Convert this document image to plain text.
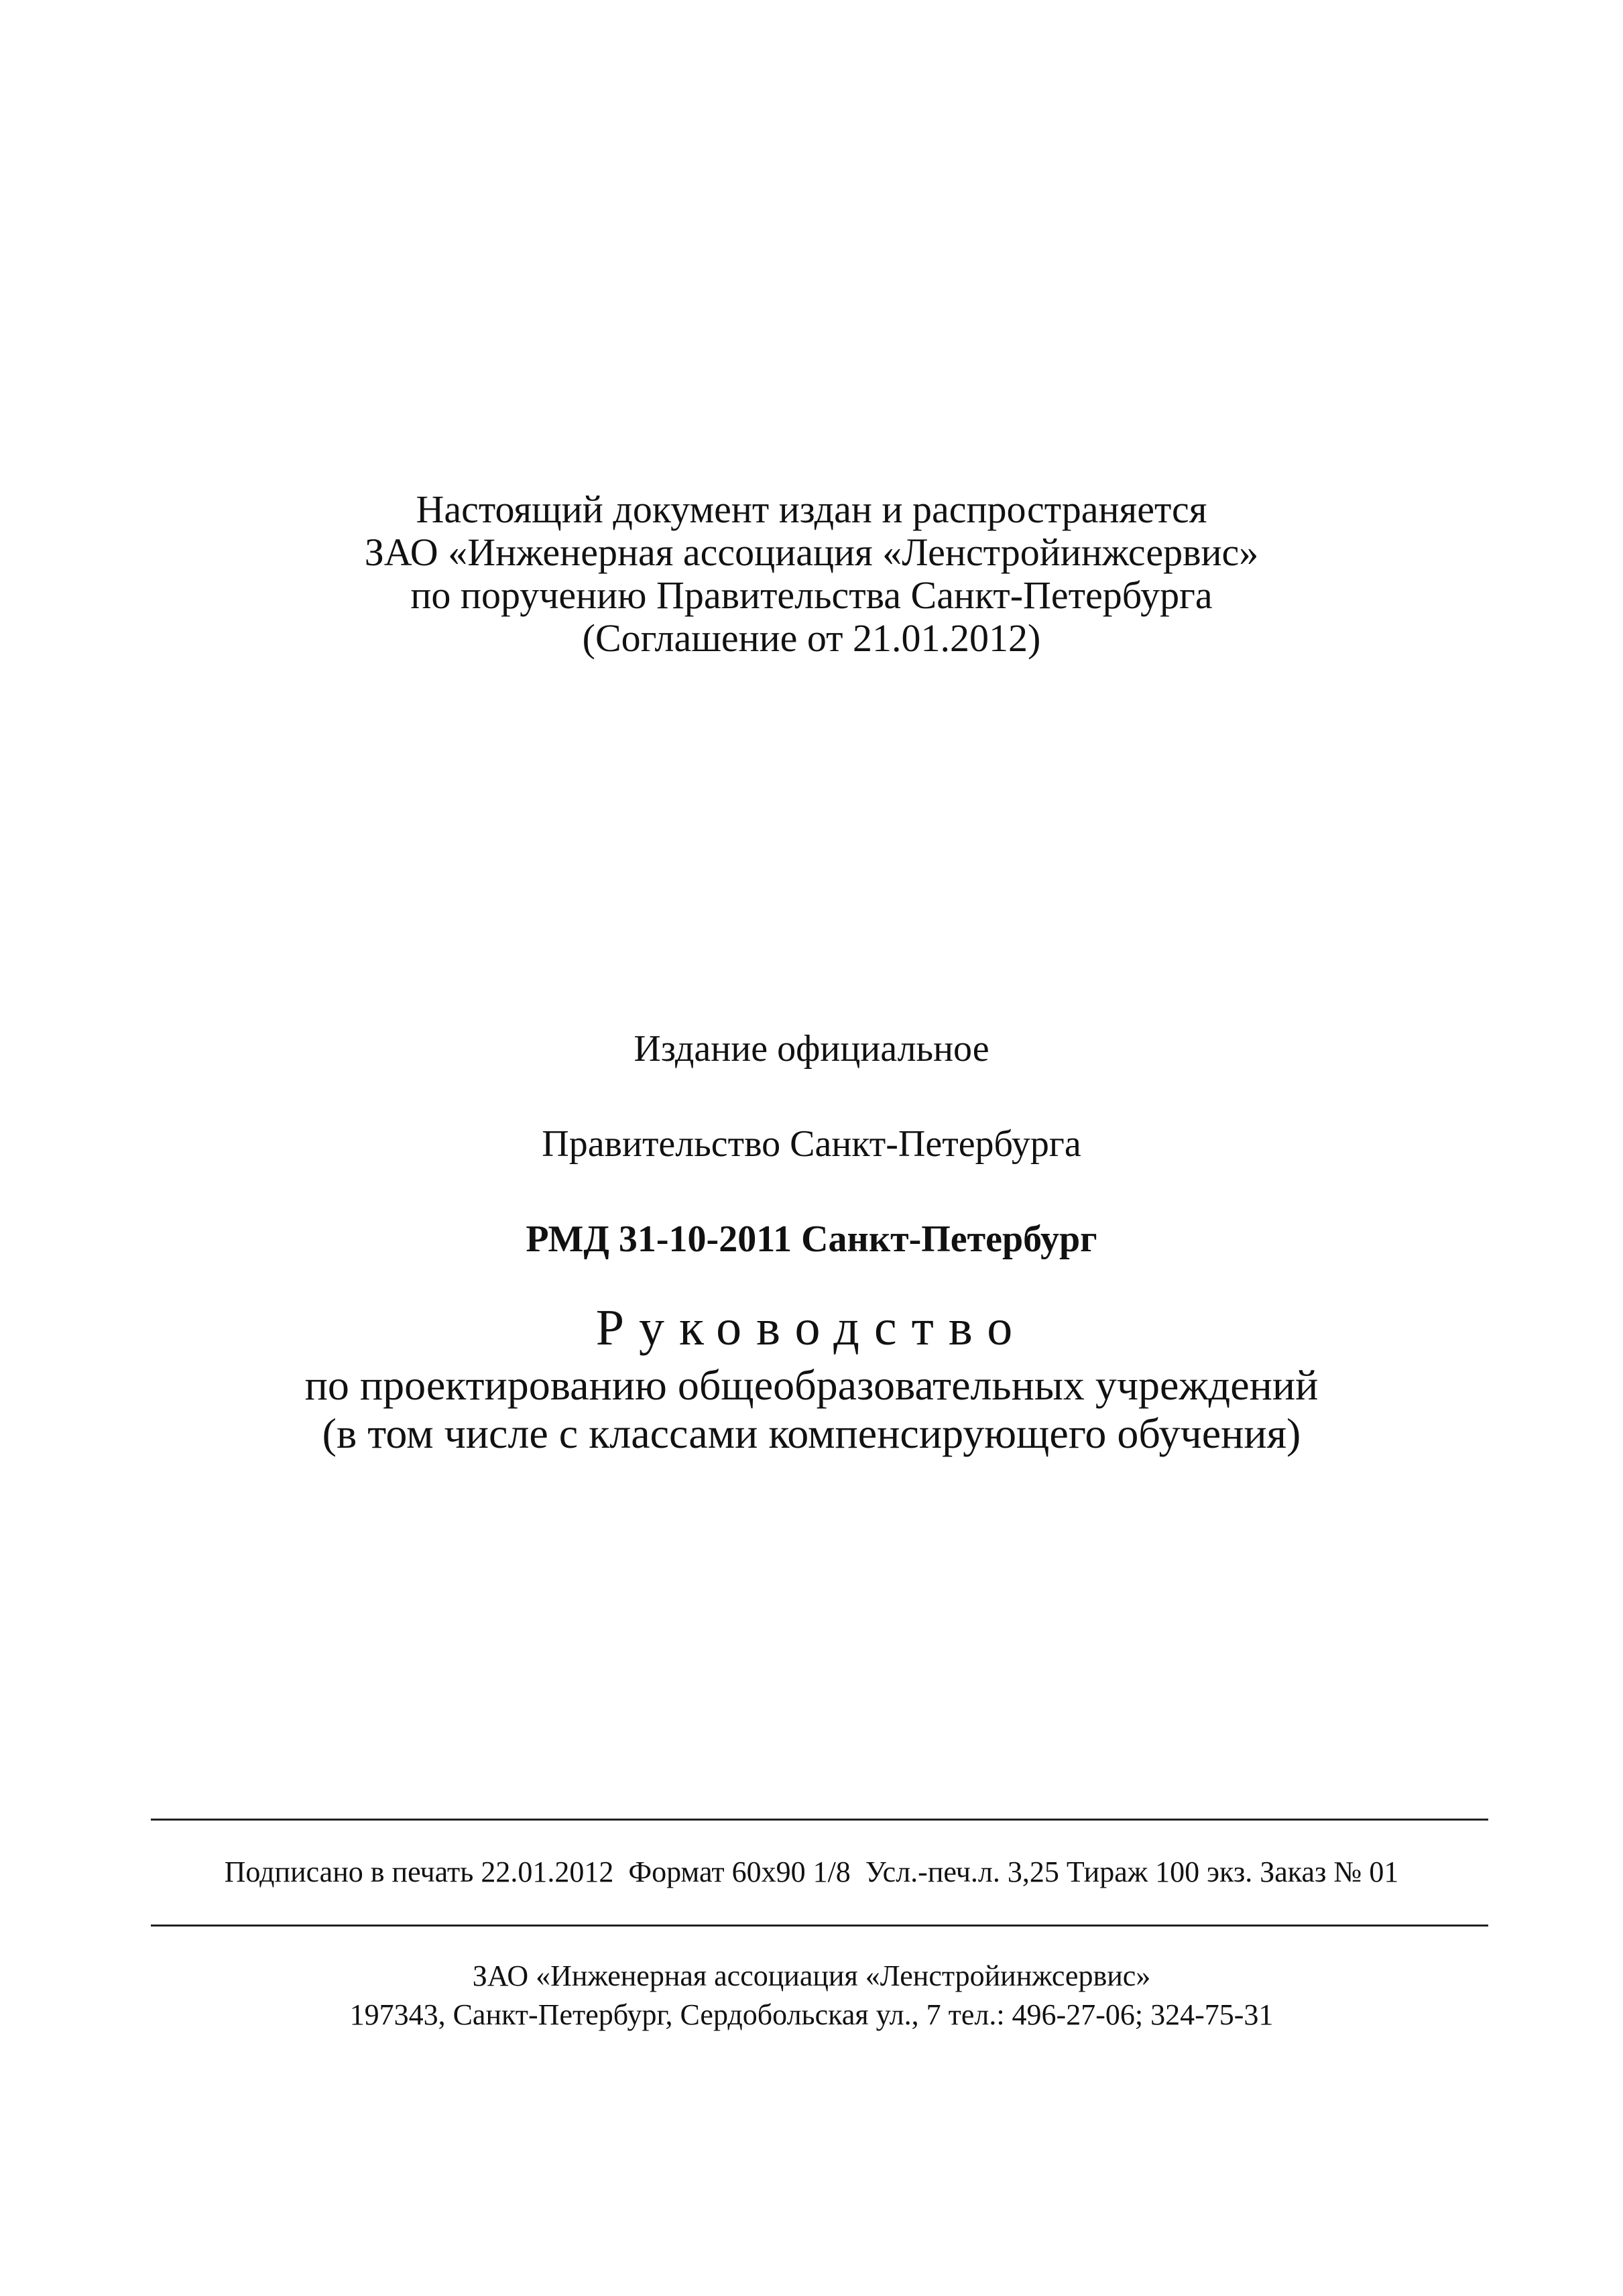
Настоящий документ издан и распространяется
ЗАО «Инженерная ассоциация «Ленстройинжсервис»
по поручению Правительства Санкт-Петербурга
(Соглашение от 21.01.2012)
Издание официальное
Правительство Санкт-Петербурга
РМД 31-10-2011 Санкт-Петербург
Руководство
по проектированию общеобразовательных учреждений
(в том числе с классами компенсирующего обучения)
Подписано в печать 22.01.2012  Формат 60х90 1/8  Усл.-печ.л. 3,25 Тираж 100 экз. Заказ № 01
ЗАО «Инженерная ассоциация «Ленстройинжсервис»
197343, Санкт-Петербург, Сердобольская ул., 7 тел.: 496-27-06; 324-75-31
